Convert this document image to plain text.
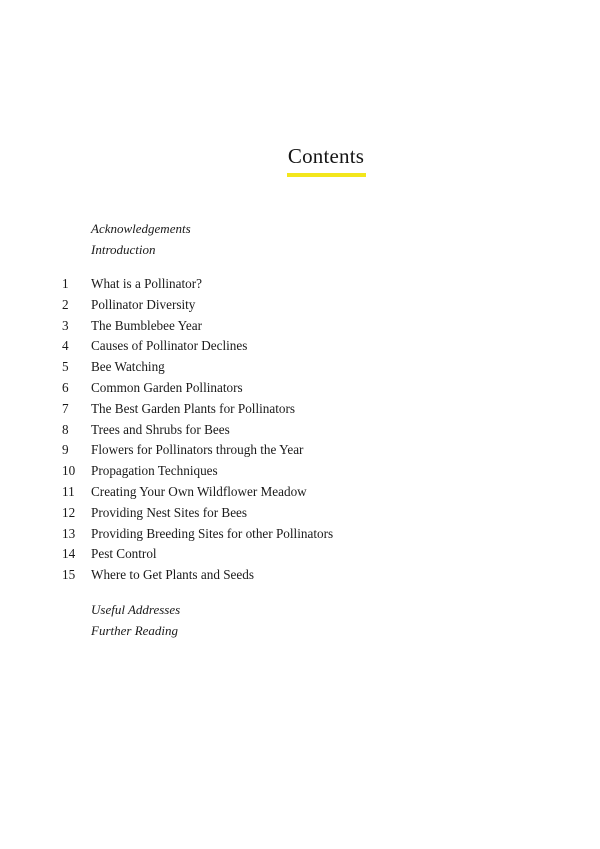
Contents
Acknowledgements
Introduction
1 What is a Pollinator?
2 Pollinator Diversity
3 The Bumblebee Year
4 Causes of Pollinator Declines
5 Bee Watching
6 Common Garden Pollinators
7 The Best Garden Plants for Pollinators
8 Trees and Shrubs for Bees
9 Flowers for Pollinators through the Year
10 Propagation Techniques
11 Creating Your Own Wildflower Meadow
12 Providing Nest Sites for Bees
13 Providing Breeding Sites for other Pollinators
14 Pest Control
15 Where to Get Plants and Seeds
Useful Addresses
Further Reading
